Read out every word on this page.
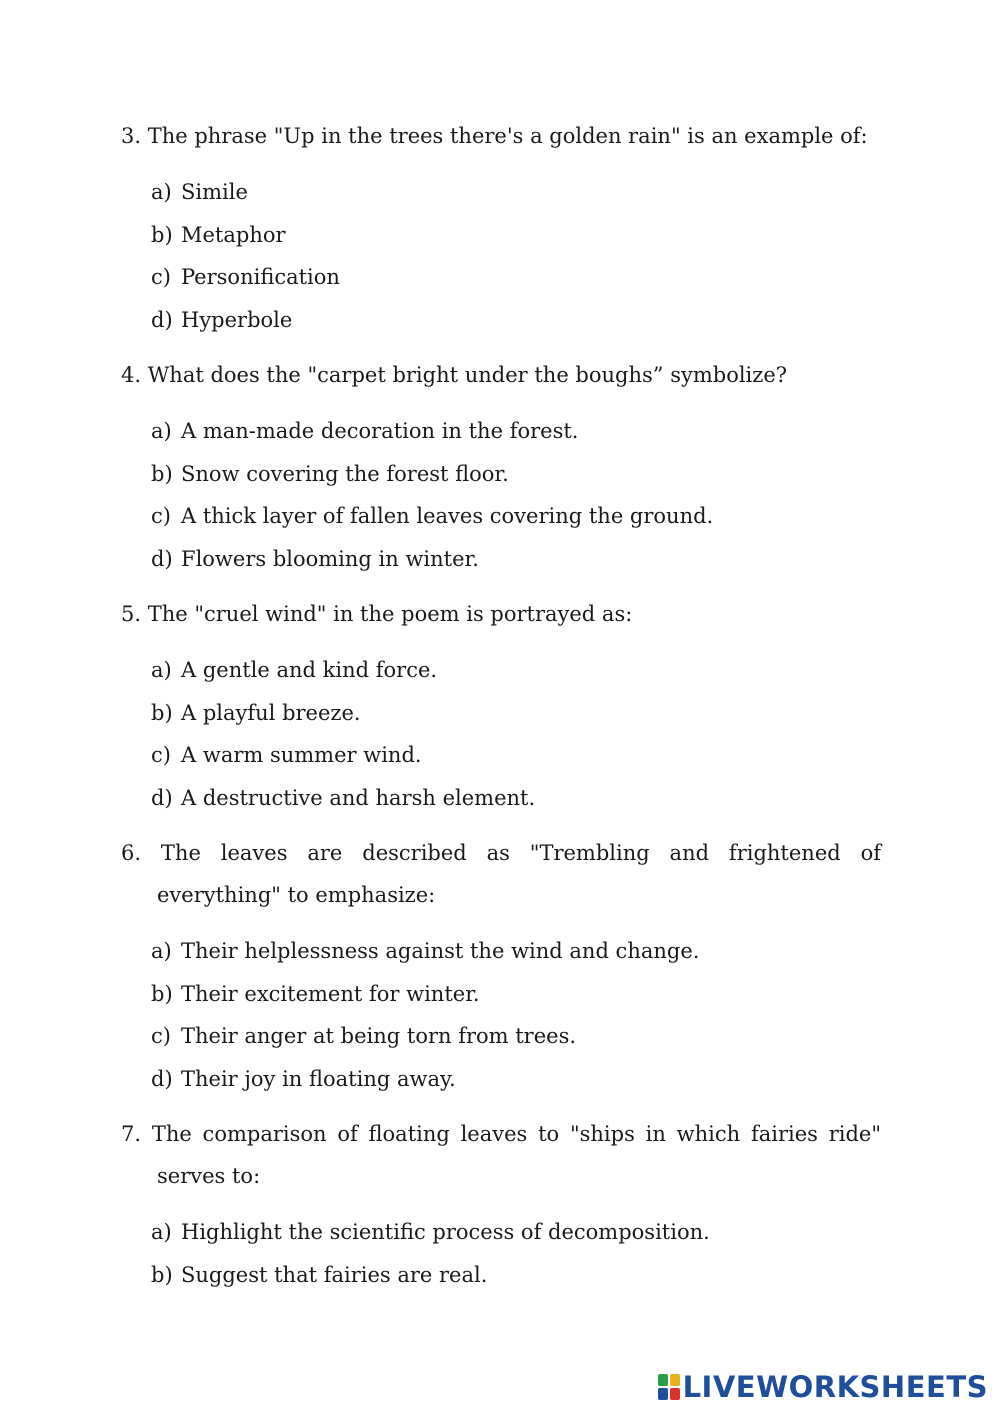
3. The phrase "Up in the trees there's a golden rain" is an example of:

a) Simile
b) Metaphor
c) Personification
d) Hyperbole

4. What does the "carpet bright under the boughs” symbolize?

a) A man-made decoration in the forest.
b) Snow covering the forest floor.
c) A thick layer of fallen leaves covering the ground.
d) Flowers blooming in winter.

5. The "cruel wind" in the poem is portrayed as:

a) A gentle and kind force.
b) A playful breeze.
c) A warm summer wind.
d) A destructive and harsh element.

6. The leaves are described as "Trembling and frightened of
everything" to emphasize:

a) Their helplessness against the wind and change.
b) Their excitement for winter.
c) Their anger at being torn from trees.
d) Their joy in floating away.

7. The comparison of floating leaves to "ships in which fairies ride"
serves to:

a) Highlight the scientific process of decomposition.
b) Suggest that fairies are real.
LIVEWORKSHEETS
